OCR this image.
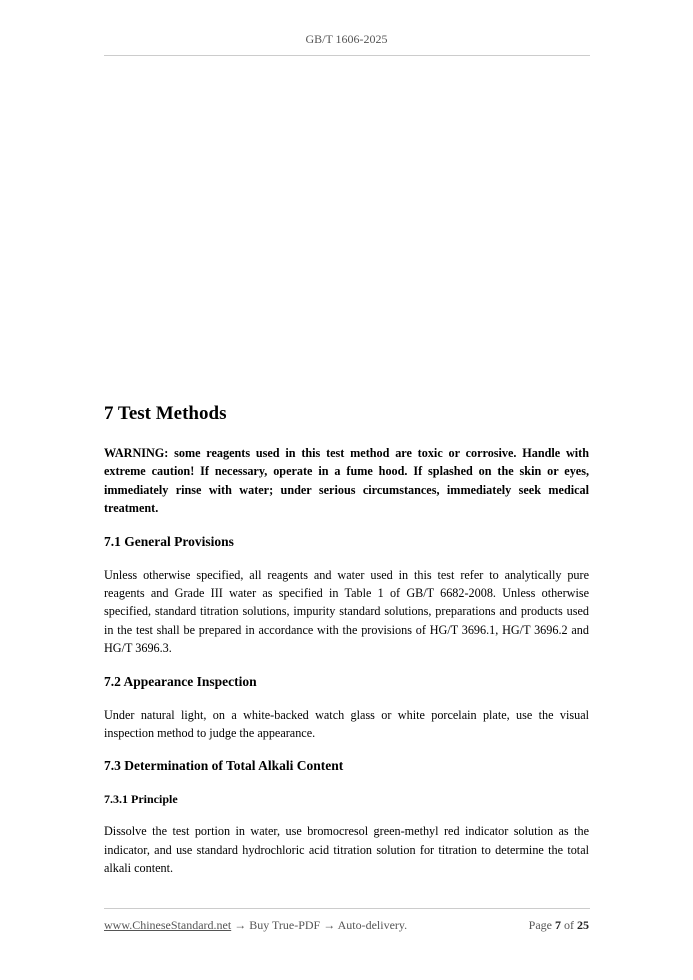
GB/T 1606-2025
7 Test Methods
WARNING: some reagents used in this test method are toxic or corrosive. Handle with extreme caution! If necessary, operate in a fume hood. If splashed on the skin or eyes, immediately rinse with water; under serious circumstances, immediately seek medical treatment.
7.1 General Provisions
Unless otherwise specified, all reagents and water used in this test refer to analytically pure reagents and Grade III water as specified in Table 1 of GB/T 6682-2008. Unless otherwise specified, standard titration solutions, impurity standard solutions, preparations and products used in the test shall be prepared in accordance with the provisions of HG/T 3696.1, HG/T 3696.2 and HG/T 3696.3.
7.2 Appearance Inspection
Under natural light, on a white-backed watch glass or white porcelain plate, use the visual inspection method to judge the appearance.
7.3 Determination of Total Alkali Content
7.3.1 Principle
Dissolve the test portion in water, use bromocresol green-methyl red indicator solution as the indicator, and use standard hydrochloric acid titration solution for titration to determine the total alkali content.
www.ChineseStandard.net → Buy True-PDF → Auto-delivery.	Page 7 of 25
